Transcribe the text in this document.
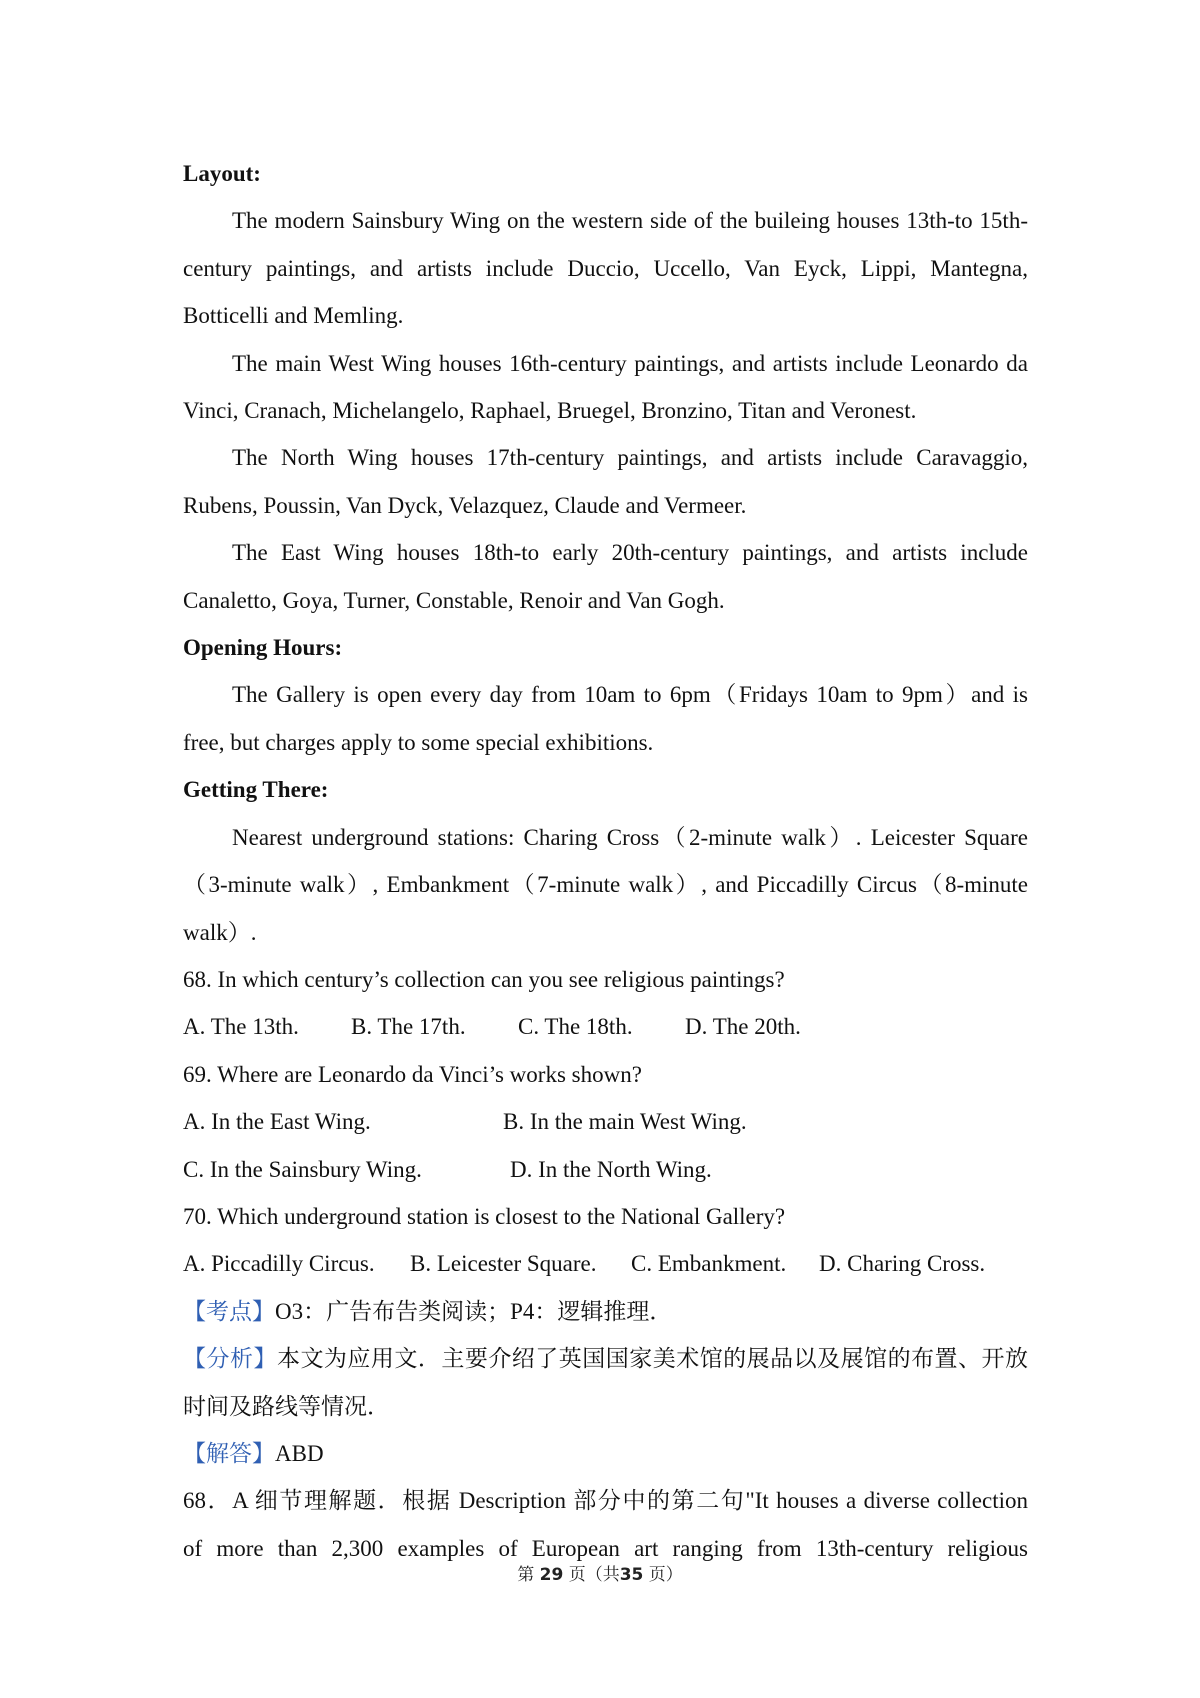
Layout:

The modern Sainsbury Wing on the western side of the buileing houses 13th-to 15th-century paintings, and artists include Duccio, Uccello, Van Eyck, Lippi, Mantegna, Botticelli and Memling.

The main West Wing houses 16th-century paintings, and artists include Leonardo da Vinci, Cranach, Michelangelo, Raphael, Bruegel, Bronzino, Titan and Veronest.

The North Wing houses 17th-century paintings, and artists include Caravaggio, Rubens, Poussin, Van Dyck, Velazquez, Claude and Vermeer.

The East Wing houses 18th-to early 20th-century paintings, and artists include Canaletto, Goya, Turner, Constable, Renoir and Van Gogh.

Opening Hours:

The Gallery is open every day from 10am to 6pm（Fridays 10am to 9pm）and is free, but charges apply to some special exhibitions.

Getting There:

Nearest underground stations: Charing Cross（2-minute walk）. Leicester Square（3-minute walk）, Embankment（7-minute walk）, and Piccadilly Circus（8-minute walk）.

68. In which century’s collection can you see religious paintings?

A. The 13th. B. The 17th. C. The 18th. D. The 20th.

69. Where are Leonardo da Vinci’s works shown?

A. In the East Wing.	B. In the main West Wing.

C. In the Sainsbury Wing.	D. In the North Wing.

70. Which underground station is closest to the National Gallery?

A. Piccadilly Circus. B. Leicester Square. C. Embankment. D. Charing Cross.

【考点】O3：广告布告类阅读；P4：逻辑推理．

【分析】本文为应用文．主要介绍了英国国家美术馆的展品以及展馆的布置、开放时间及路线等情况．

【解答】ABD

68．A 细节理解题．根据 Description 部分中的第二句"It houses a diverse collection

of more than 2,300 examples of European art ranging from 13th-century religious

第 29 页（共35 页）
